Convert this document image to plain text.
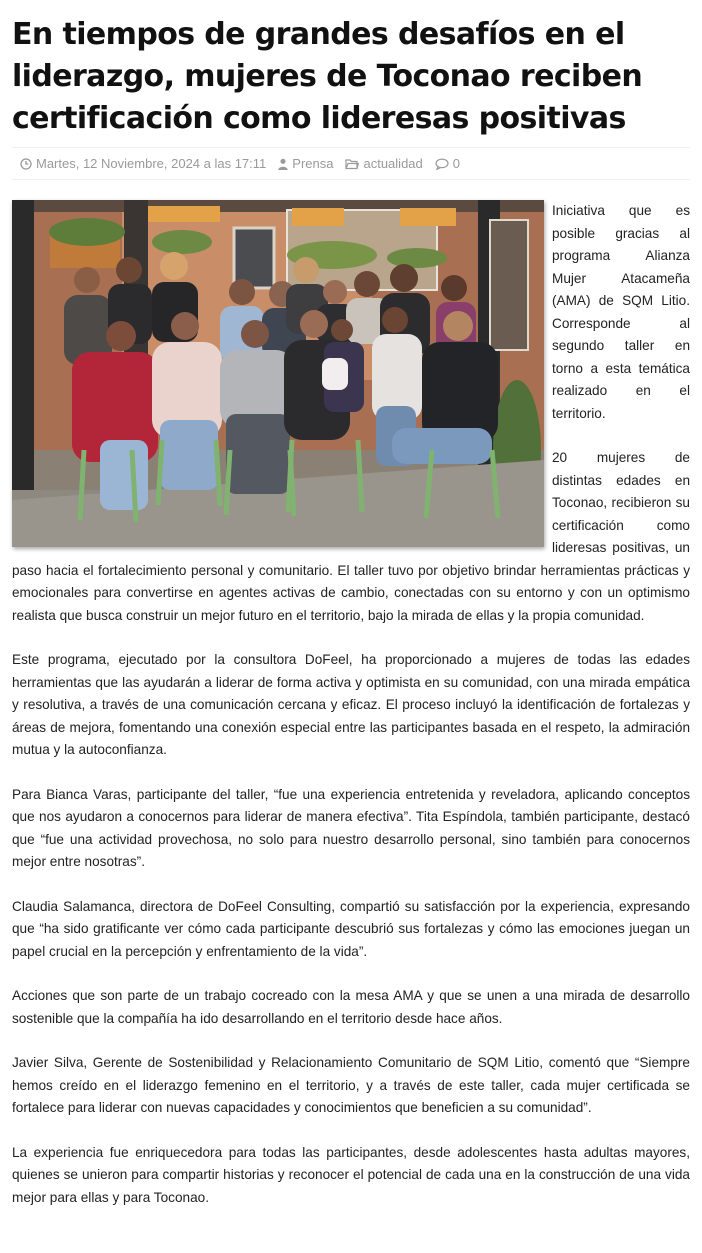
En tiempos de grandes desafíos en el liderazgo, mujeres de Toconao reciben certificación como lideresas positivas
Martes, 12 Noviembre, 2024 a las 17:11 Prensa actualidad 0

Iniciativa que es posible gracias al programa Alianza Mujer Atacameña (AMA) de SQM Litio. Corresponde al segundo taller en torno a esta temática realizado en el territorio.

20 mujeres de distintas edades en Toconao, recibieron su certificación como lideresas positivas, un paso hacia el fortalecimiento personal y comunitario. El taller tuvo por objetivo brindar herramientas prácticas y emocionales para convertirse en agentes activas de cambio, conectadas con su entorno y con un optimismo realista que busca construir un mejor futuro en el territorio, bajo la mirada de ellas y la propia comunidad.

Este programa, ejecutado por la consultora DoFeel, ha proporcionado a mujeres de todas las edades herramientas que las ayudarán a liderar de forma activa y optimista en su comunidad, con una mirada empática y resolutiva, a través de una comunicación cercana y eficaz. El proceso incluyó la identificación de fortalezas y áreas de mejora, fomentando una conexión especial entre las participantes basada en el respeto, la admiración mutua y la autoconfianza.

Para Bianca Varas, participante del taller, “fue una experiencia entretenida y reveladora, aplicando conceptos que nos ayudaron a conocernos para liderar de manera efectiva”. Tita Espíndola, también participante, destacó que “fue una actividad provechosa, no solo para nuestro desarrollo personal, sino también para conocernos mejor entre nosotras”.

Claudia Salamanca, directora de DoFeel Consulting, compartió su satisfacción por la experiencia, expresando que “ha sido gratificante ver cómo cada participante descubrió sus fortalezas y cómo las emociones juegan un papel crucial en la percepción y enfrentamiento de la vida”.

Acciones que son parte de un trabajo cocreado con la mesa AMA y que se unen a una mirada de desarrollo sostenible que la compañía ha ido desarrollando en el territorio desde hace años.

Javier Silva, Gerente de Sostenibilidad y Relacionamiento Comunitario de SQM Litio, comentó que “Siempre hemos creído en el liderazgo femenino en el territorio, y a través de este taller, cada mujer certificada se fortalece para liderar con nuevas capacidades y conocimientos que beneficien a su comunidad”.

La experiencia fue enriquecedora para todas las participantes, desde adolescentes hasta adultas mayores, quienes se unieron para compartir historias y reconocer el potencial de cada una en la construcción de una vida mejor para ellas y para Toconao.
